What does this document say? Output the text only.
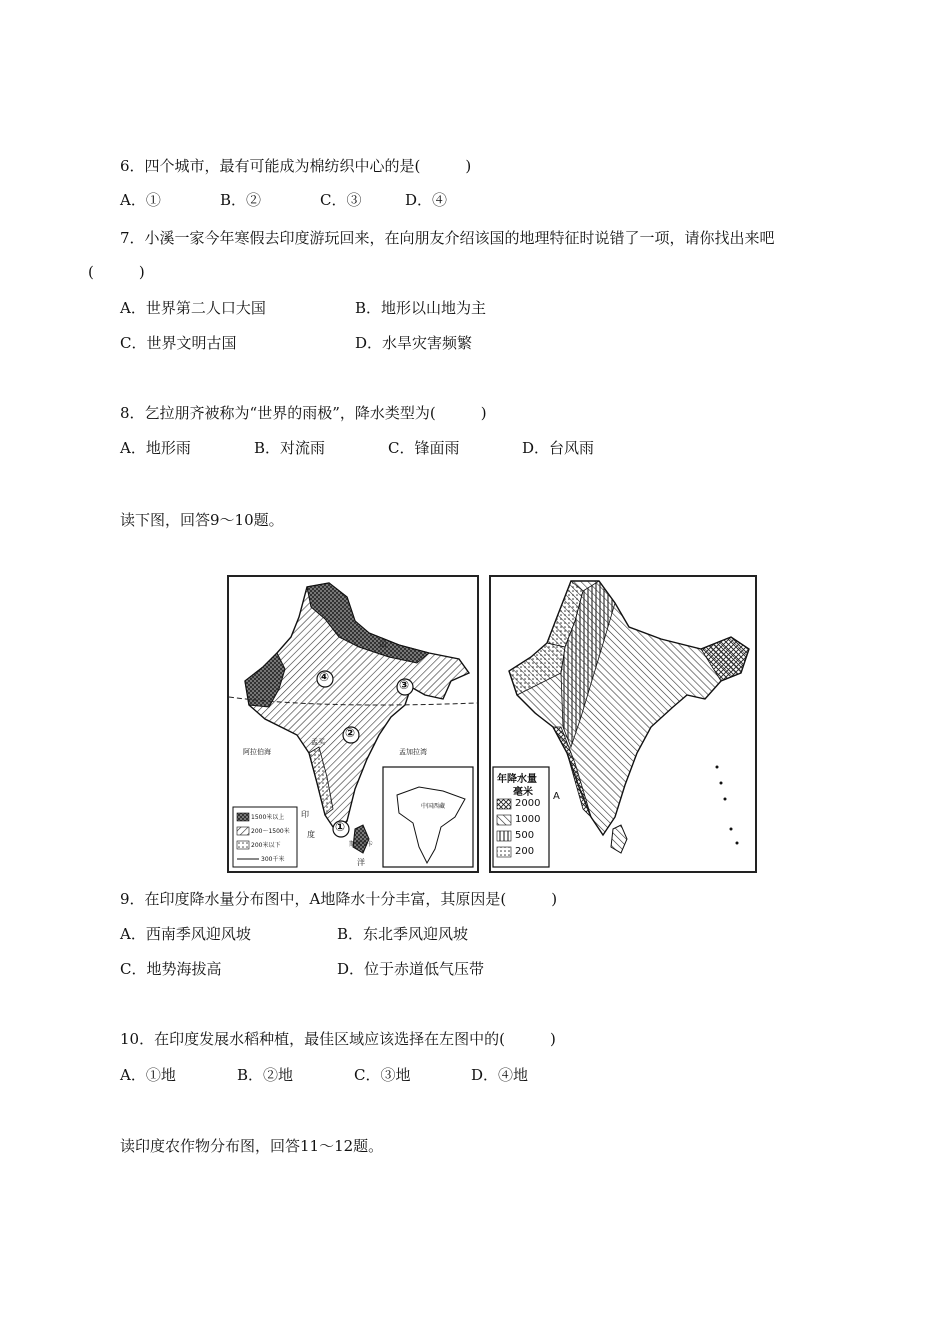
6．四个城市，最有可能成为棉纺织中心的是(　　　)
A．①	B．②	C．③	D．④
7．小溪一家今年寒假去印度游玩回来，在向朋友介绍该国的地理特征时说错了一项，请你找出来吧
(　　　)
A．世界第二人口大国	B．地形以山地为主
C．世界文明古国	D．水旱灾害频繁
8．乞拉朋齐被称为“世界的雨极”，降水类型为(　　　)
A．地形雨	B．对流雨	C．锋面雨	D．台风雨
读下图，回答9～10题。
④
②
③
①
山
阿拉伯海	孟加拉湾
印
度
洋
孟买
斯里兰卡
1500米以上
200～1500米
200米以下
300千米
中国西藏
年降水量
毫米
2000
1000
500
200
A
9．在印度降水量分布图中，A地降水十分丰富，其原因是(　　　)
A．西南季风迎风坡	B．东北季风迎风坡
C．地势海拔高	D．位于赤道低气压带
10．在印度发展水稻种植，最佳区域应该选择在左图中的(　　　)
A．①地	B．②地	C．③地	D．④地
读印度农作物分布图，回答11～12题。
